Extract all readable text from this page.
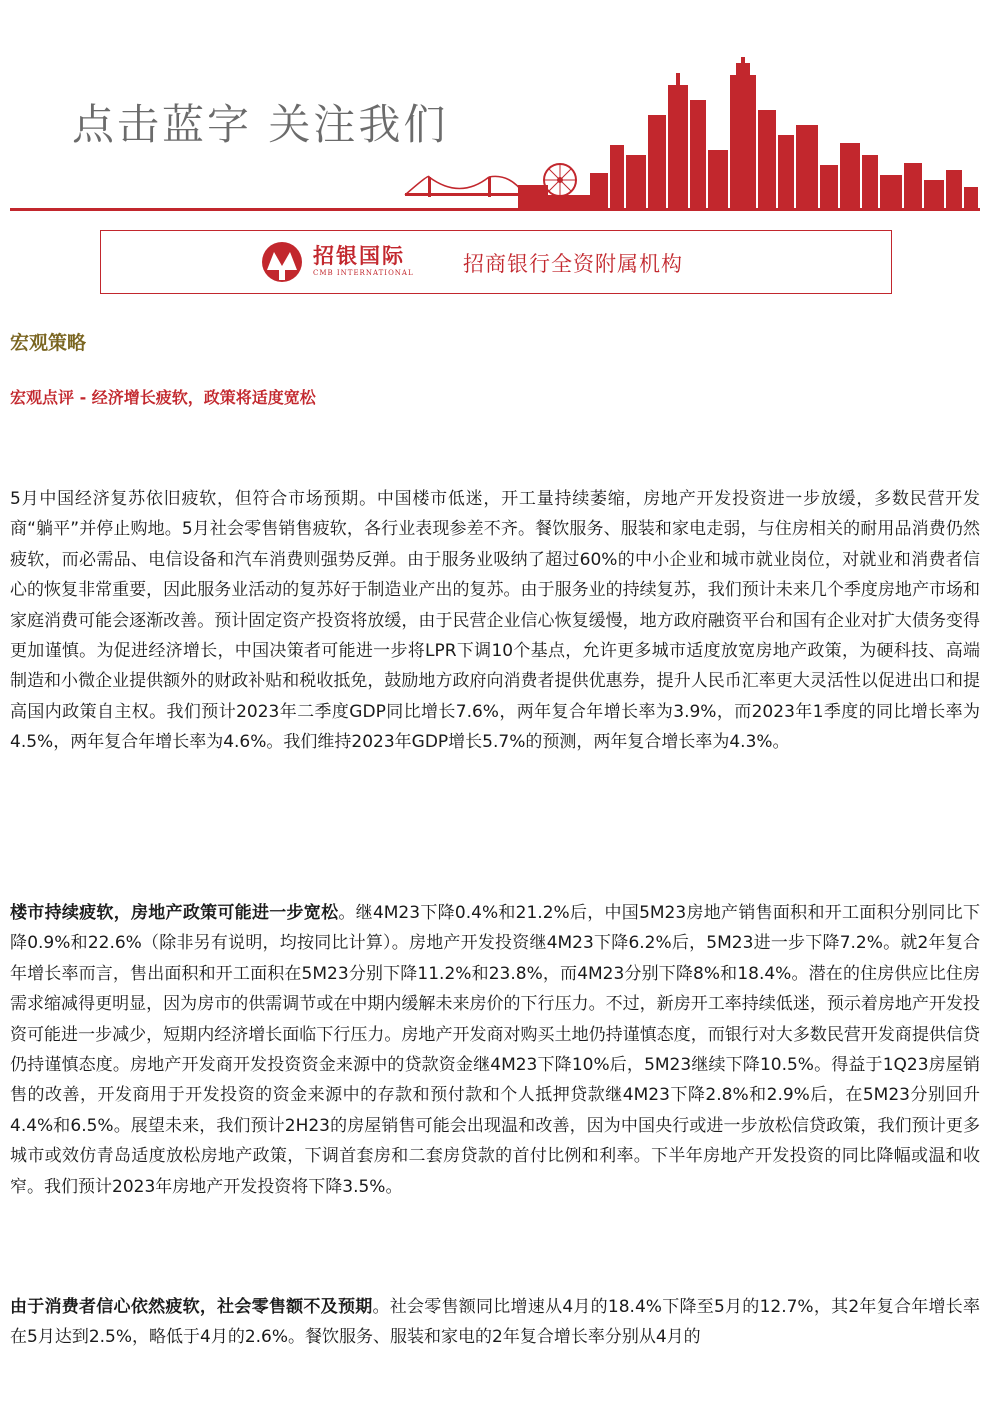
点击蓝字 关注我们
招银国际
CMB INTERNATIONAL 招商银行全资附属机构
宏观策略
宏观点评 - 经济增长疲软，政策将适度宽松

5月中国经济复苏依旧疲软，但符合市场预期。中国楼市低迷，开工量持续萎缩，房地产开发投资进一步放缓，多数民营开发商“躺平”并停止购地。5月社会零售销售疲软，各行业表现参差不齐。餐饮服务、服装和家电走弱，与住房相关的耐用品消费仍然疲软，而必需品、电信设备和汽车消费则强势反弹。由于服务业吸纳了超过60%的中小企业和城市就业岗位，对就业和消费者信心的恢复非常重要，因此服务业活动的复苏好于制造业产出的复苏。由于服务业的持续复苏，我们预计未来几个季度房地产市场和家庭消费可能会逐渐改善。预计固定资产投资将放缓，由于民营企业信心恢复缓慢，地方政府融资平台和国有企业对扩大债务变得更加谨慎。为促进经济增长，中国决策者可能进一步将LPR下调10个基点，允许更多城市适度放宽房地产政策，为硬科技、高端制造和小微企业提供额外的财政补贴和税收抵免，鼓励地方政府向消费者提供优惠券，提升人民币汇率更大灵活性以促进出口和提高国内政策自主权。我们预计2023年二季度GDP同比增长7.6%，两年复合年增长率为3.9%，而2023年1季度的同比增长率为4.5%，两年复合年增长率为4.6%。我们维持2023年GDP增长5.7%的预测，两年复合增长率为4.3%。

楼市持续疲软，房地产政策可能进一步宽松。继4M23下降0.4%和21.2%后，中国5M23房地产销售面积和开工面积分别同比下降0.9%和22.6%（除非另有说明，均按同比计算）。房地产开发投资继4M23下降6.2%后，5M23进一步下降7.2%。就2年复合年增长率而言，售出面积和开工面积在5M23分别下降11.2%和23.8%，而4M23分别下降8%和18.4%。潜在的住房供应比住房需求缩减得更明显，因为房市的供需调节或在中期内缓解未来房价的下行压力。不过，新房开工率持续低迷，预示着房地产开发投资可能进一步减少，短期内经济增长面临下行压力。房地产开发商对购买土地仍持谨慎态度，而银行对大多数民营开发商提供信贷仍持谨慎态度。房地产开发商开发投资资金来源中的贷款资金继4M23下降10%后，5M23继续下降10.5%。得益于1Q23房屋销售的改善，开发商用于开发投资的资金来源中的存款和预付款和个人抵押贷款继4M23下降2.8%和2.9%后，在5M23分别回升4.4%和6.5%。展望未来，我们预计2H23的房屋销售可能会出现温和改善，因为中国央行或进一步放松信贷政策，我们预计更多城市或效仿青岛适度放松房地产政策，下调首套房和二套房贷款的首付比例和利率。下半年房地产开发投资的同比降幅或温和收窄。我们预计2023年房地产开发投资将下降3.5%。

由于消费者信心依然疲软，社会零售额不及预期。社会零售额同比增速从4月的18.4%下降至5月的12.7%，其2年复合年增长率在5月达到2.5%，略低于4月的2.6%。餐饮服务、服装和家电的2年复合增长率分别从4月的
